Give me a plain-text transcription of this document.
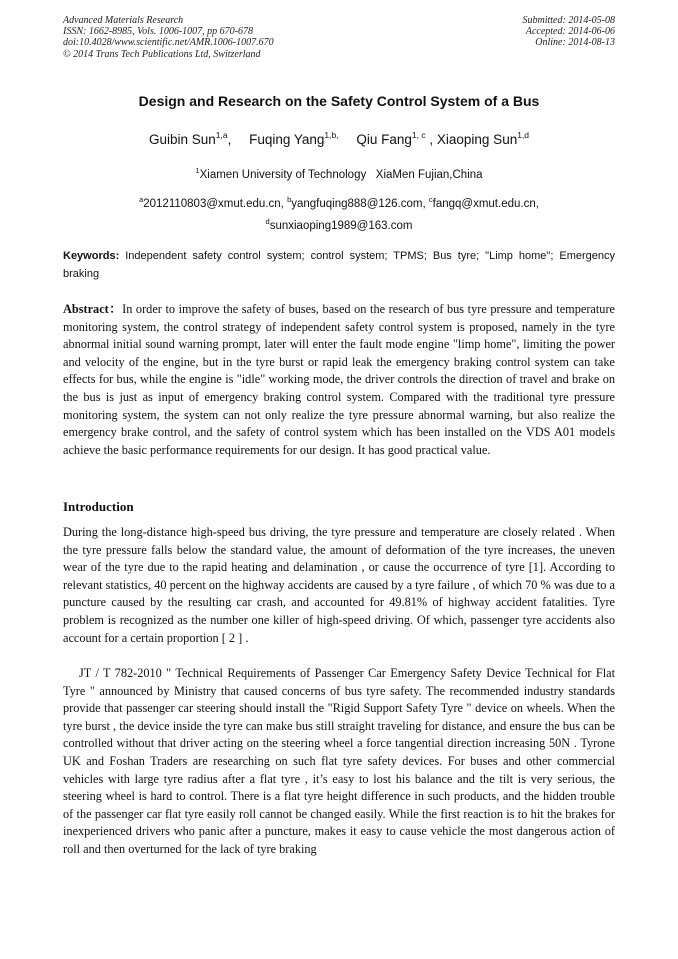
Advanced Materials Research
ISSN: 1662-8985, Vols. 1006-1007, pp 670-678
doi:10.4028/www.scientific.net/AMR.1006-1007.670
© 2014 Trans Tech Publications Ltd, Switzerland
Submitted: 2014-05-08
Accepted: 2014-06-06
Online: 2014-08-13
Design and Research on the Safety Control System of a Bus
Guibin Sun$^{1,a}$, Fuqing Yang$^{1,b,}$ Qiu Fang$^{1, c}$ , Xiaoping Sun$^{1,d}$
$^1$Xiamen University of Technology   XiaMen Fujian,China
$^a$2012110803@xmut.edu.cn, $^b$yangfuqing888@126.com, $^c$fangq@xmut.edu.cn,
$^d$sunxiaoping1989@163.com
Keywords: Independent safety control system; control system; TPMS; Bus tyre; "Limp home"; Emergency braking
Abstract：In order to improve the safety of buses, based on the research of bus tyre pressure and temperature monitoring system, the control strategy of independent safety control system is proposed, namely in the tyre abnormal initial sound warning prompt, later will enter the fault mode engine "limp home", limiting the power and velocity of the engine, but in the tyre burst or rapid leak the emergency braking control system can take effects for bus, while the engine is "idle" working mode, the driver controls the direction of travel and brake on the bus is just as input of emergency braking control system. Compared with the traditional tyre pressure monitoring system, the system can not only realize the tyre pressure abnormal warning, but also realize the emergency brake control, and the safety of control system which has been installed on the VDS A01 models achieve the basic performance requirements for our design. It has good practical value.
Introduction
During the long-distance high-speed bus driving, the tyre pressure and temperature are closely related . When the tyre pressure falls below the standard value, the amount of deformation of the tyre increases, the uneven wear of the tyre due to the rapid heating and delamination , or cause the occurrence of tyre [1]. According to relevant statistics, 40 percent on the highway accidents are caused by a tyre failure , of which 70 % was due to a puncture caused by the resulting car crash, and accounted for 49.81% of highway accident fatalities. Tyre problem is recognized as the number one killer of high-speed driving. Of which, passenger tyre accidents also account for a certain proportion [ 2 ] .
JT / T 782-2010 " Technical Requirements of Passenger Car Emergency Safety Device Technical for Flat Tyre " announced by Ministry that caused concerns of bus tyre safety. The recommended industry standards provide that passenger car steering should install the "Rigid Support Safety Tyre " device on wheels. When the tyre burst , the device inside the tyre can make bus still straight traveling for distance, and ensure the bus can be controlled without that driver acting on the steering wheel a force tangential direction increasing 50N . Tyrone UK and Foshan Traders are researching on such flat tyre safety devices. For buses and other commercial vehicles with large tyre radius after a flat tyre , it’s easy to lost his balance and the tilt is very serious, the steering wheel is hard to control. There is a flat tyre height difference in such products, and the hidden trouble of the passenger car flat tyre easily roll cannot be changed easily. While the first reaction is to hit the brakes for inexperienced drivers who panic after a puncture, makes it easy to cause vehicle the most dangerous action of roll and then overturned for the lack of tyre braking
